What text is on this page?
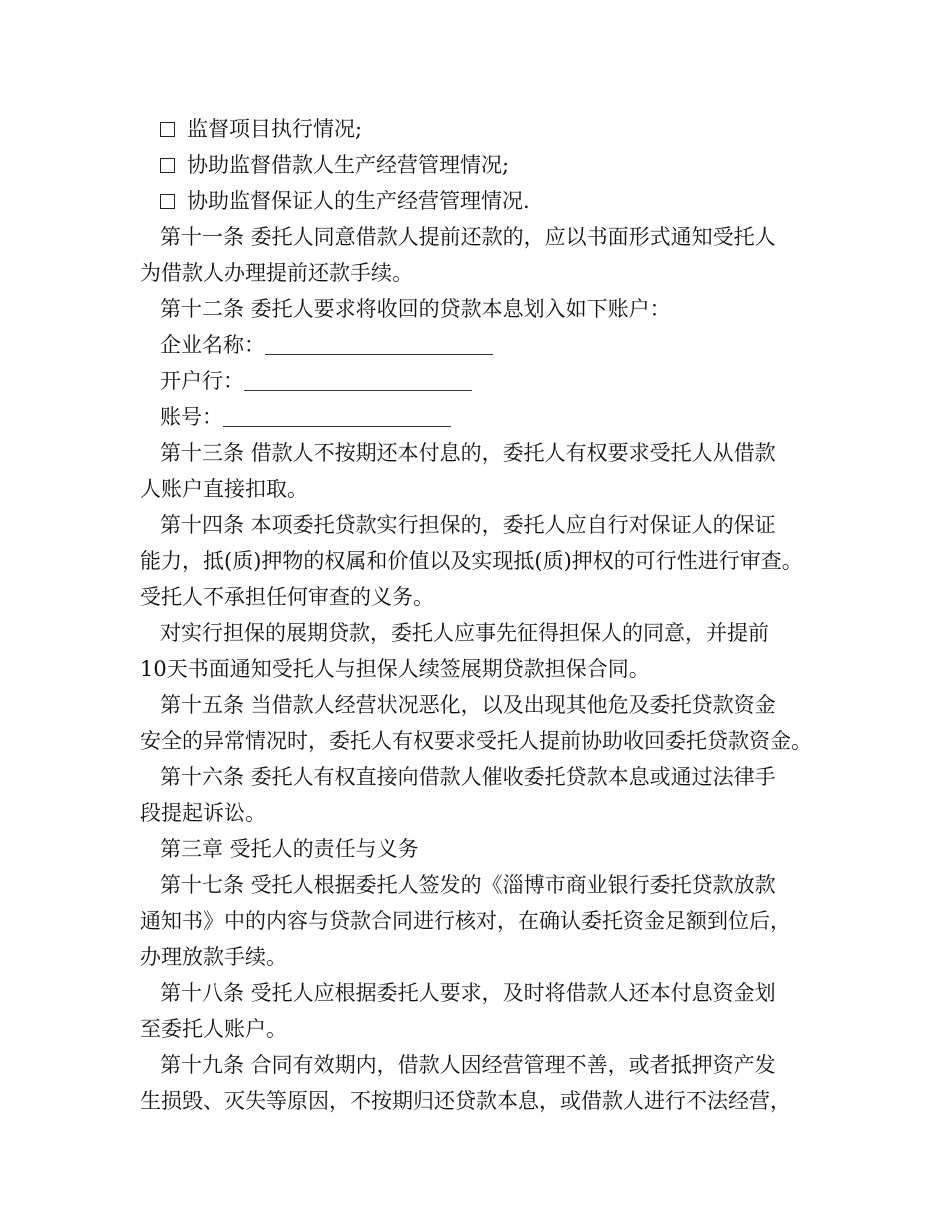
监督项目执行情况;
协助监督借款人生产经营管理情况;
协助监督保证人的生产经营管理情况.
第十一条 委托人同意借款人提前还款的，应以书面形式通知受托人
为借款人办理提前还款手续。
第十二条 委托人要求将收回的贷款本息划入如下账户：
企业名称：
开户行：
账号：
第十三条 借款人不按期还本付息的，委托人有权要求受托人从借款
人账户直接扣取。
第十四条 本项委托贷款实行担保的，委托人应自行对保证人的保证
能力，抵(质)押物的权属和价值以及实现抵(质)押权的可行性进行审查。
受托人不承担任何审查的义务。
对实行担保的展期贷款，委托人应事先征得担保人的同意，并提前
10天书面通知受托人与担保人续签展期贷款担保合同。
第十五条 当借款人经营状况恶化，以及出现其他危及委托贷款资金
安全的异常情况时，委托人有权要求受托人提前协助收回委托贷款资金。
第十六条 委托人有权直接向借款人催收委托贷款本息或通过法律手
段提起诉讼。
第三章 受托人的责任与义务
第十七条 受托人根据委托人签发的《淄博市商业银行委托贷款放款
通知书》中的内容与贷款合同进行核对，在确认委托资金足额到位后，
办理放款手续。
第十八条 受托人应根据委托人要求，及时将借款人还本付息资金划
至委托人账户。
第十九条 合同有效期内，借款人因经营管理不善，或者抵押资产发
生损毁、灭失等原因，不按期归还贷款本息，或借款人进行不法经营，
